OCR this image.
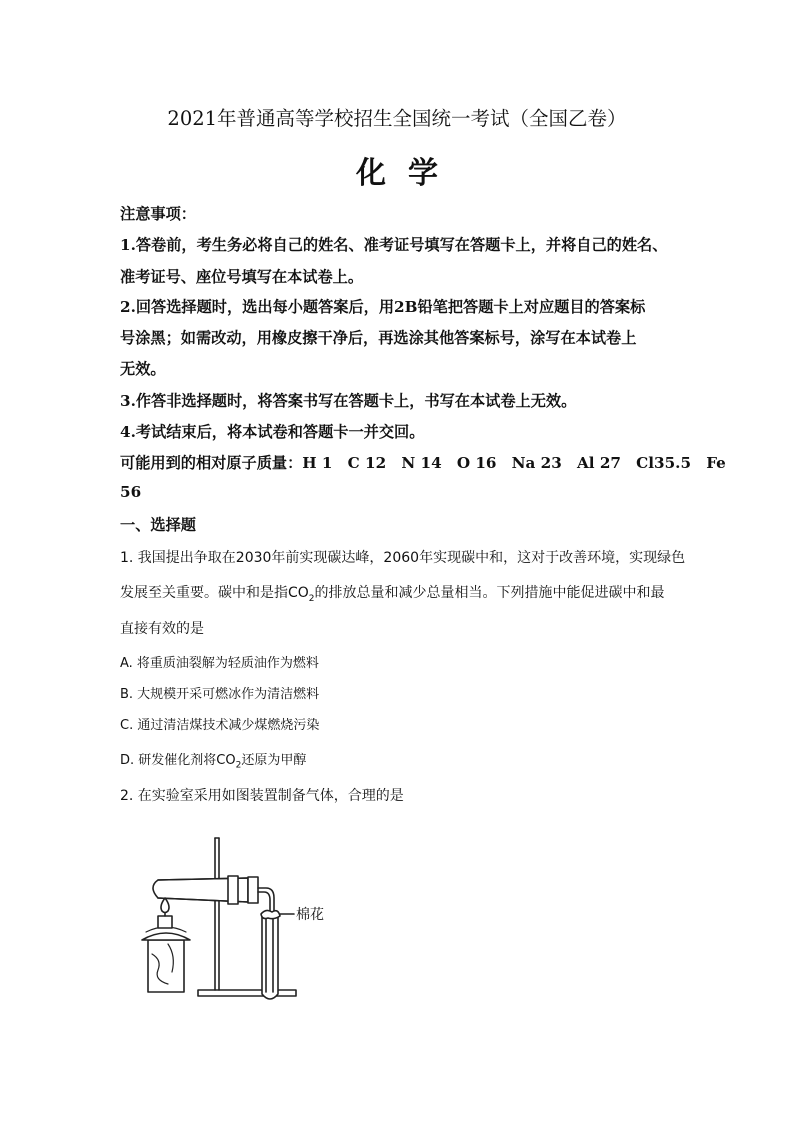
2021年普通高等学校招生全国统一考试（全国乙卷）
化学
注意事项：
1.答卷前，考生务必将自己的姓名、准考证号填写在答题卡上，并将自己的姓名、
准考证号、座位号填写在本试卷上。
2.回答选择题时，选出每小题答案后，用2B铅笔把答题卡上对应题目的答案标
号涂黑；如需改动，用橡皮擦干净后，再选涂其他答案标号，涂写在本试卷上
无效。
3.作答非选择题时，将答案书写在答题卡上，书写在本试卷上无效。
4.考试结束后，将本试卷和答题卡一并交回。
可能用到的相对原子质量：H 1　C 12　N 14　O 16　Na 23　Al 27　Cl35.5　Fe
56
一、选择题
1. 我国提出争取在2030年前实现碳达峰，2060年实现碳中和，这对于改善环境，实现绿色
发展至关重要。碳中和是指$CO_2$的排放总量和减少总量相当。下列措施中能促进碳中和最
直接有效的是
A. 将重质油裂解为轻质油作为燃料
B. 大规模开采可燃冰作为清洁燃料
C. 通过清洁煤技术减少煤燃烧污染
D. 研发催化剂将$CO_2$还原为甲醇
2. 在实验室采用如图装置制备气体，合理的是
棉花
